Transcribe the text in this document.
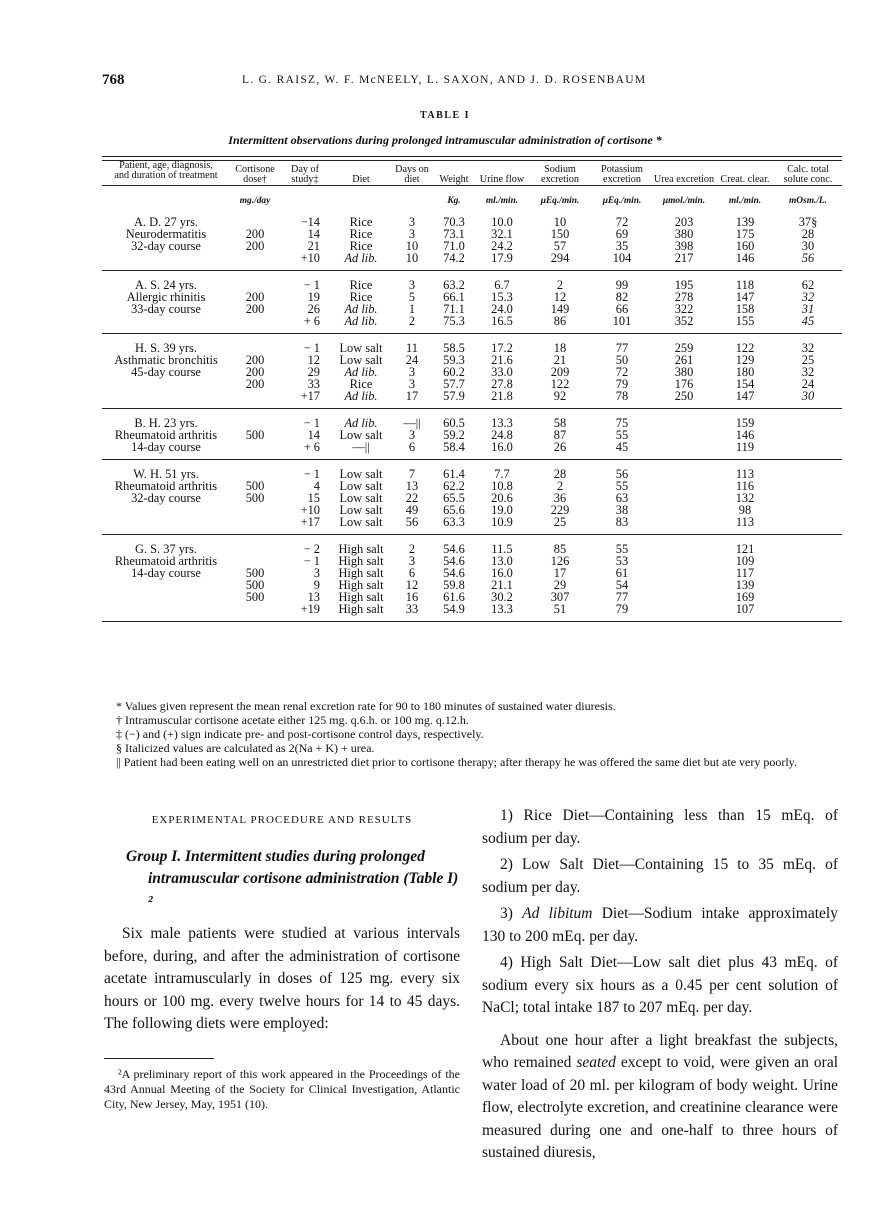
768	L. G. RAISZ, W. F. McNEELY, L. SAXON, AND J. D. ROSENBAUM
TABLE I
Intermittent observations during prolonged intramuscular administration of cortisone *
Patient, age, diagnosis, and duration of treatment	Cortisone dose†	Day of study‡	Diet	Days on diet	Weight	Urine flow	Sodium excretion	Potassium excretion	Urea excretion	Creat. clear.	Calc. total solute conc.
	mg./day				Kg.	ml./min.	μEq./min.	μEq./min.	μmol./min.	ml./min.	mOsm./L.
A. D. 27 yrs.		−14	Rice	3	70.3	10.0	10	72	203	139	37§
Neurodermatitis	200	14	Rice	3	73.1	32.1	150	69	380	175	28
32-day course	200	21	Rice	10	71.0	24.2	57	35	398	160	30
		+10	Ad lib.	10	74.2	17.9	294	104	217	146	56
A. S. 24 yrs.		− 1	Rice	3	63.2	6.7	2	99	195	118	62
Allergic rhinitis	200	19	Rice	5	66.1	15.3	12	82	278	147	32
33-day course	200	26	Ad lib.	1	71.1	24.0	149	66	322	158	31
		+ 6	Ad lib.	2	75.3	16.5	86	101	352	155	45
H. S. 39 yrs.		− 1	Low salt	11	58.5	17.2	18	77	259	122	32
Asthmatic bronchitis	200	12	Low salt	24	59.3	21.6	21	50	261	129	25
45-day course	200	29	Ad lib.	3	60.2	33.0	209	72	380	180	32
	200	33	Rice	3	57.7	27.8	122	79	176	154	24
		+17	Ad lib.	17	57.9	21.8	92	78	250	147	30
B. H. 23 yrs.		− 1	Ad lib.	—||	60.5	13.3	58	75		159	
Rheumatoid arthritis	500	14	Low salt	3	59.2	24.8	87	55		146	
14-day course		+ 6	—||	6	58.4	16.0	26	45		119	
W. H. 51 yrs.		− 1	Low salt	7	61.4	7.7	28	56		113	
Rheumatoid arthritis	500	4	Low salt	13	62.2	10.8	2	55		116	
32-day course	500	15	Low salt	22	65.5	20.6	36	63		132	
		+10	Low salt	49	65.6	19.0	229	38		98	
		+17	Low salt	56	63.3	10.9	25	83		113	
G. S. 37 yrs.		− 2	High salt	2	54.6	11.5	85	55		121	
Rheumatoid arthritis		− 1	High salt	3	54.6	13.0	126	53		109	
14-day course	500	3	High salt	6	54.6	16.0	17	61		117	
	500	9	High salt	12	59.8	21.1	29	54		139	
	500	13	High salt	16	61.6	30.2	307	77		169	
		+19	High salt	33	54.9	13.3	51	79		107	
* Values given represent the mean renal excretion rate for 90 to 180 minutes of sustained water diuresis.
† Intramuscular cortisone acetate either 125 mg. q.6.h. or 100 mg. q.12.h.
‡ (−) and (+) sign indicate pre- and post-cortisone control days, respectively.
§ Italicized values are calculated as 2(Na + K) + urea.
|| Patient had been eating well on an unrestricted diet prior to cortisone therapy; after therapy he was offered the same diet but ate very poorly.
EXPERIMENTAL PROCEDURE AND RESULTS
Group I. Intermittent studies during prolonged intramuscular cortisone administration (Table I) ²
Six male patients were studied at various intervals before, during, and after the administration of cortisone acetate intramuscularly in doses of 125 mg. every six hours or 100 mg. every twelve hours for 14 to 45 days. The following diets were employed:
²A preliminary report of this work appeared in the Proceedings of the 43rd Annual Meeting of the Society for Clinical Investigation, Atlantic City, New Jersey, May, 1951 (10).
1) Rice Diet—Containing less than 15 mEq. of sodium per day.
2) Low Salt Diet—Containing 15 to 35 mEq. of sodium per day.
3) Ad libitum Diet—Sodium intake approximately 130 to 200 mEq. per day.
4) High Salt Diet—Low salt diet plus 43 mEq. of sodium every six hours as a 0.45 per cent solution of NaCl; total intake 187 to 207 mEq. per day.
About one hour after a light breakfast the subjects, who remained seated except to void, were given an oral water load of 20 ml. per kilogram of body weight. Urine flow, electrolyte excretion, and creatinine clearance were measured during one and one-half to three hours of sustained diuresis,
